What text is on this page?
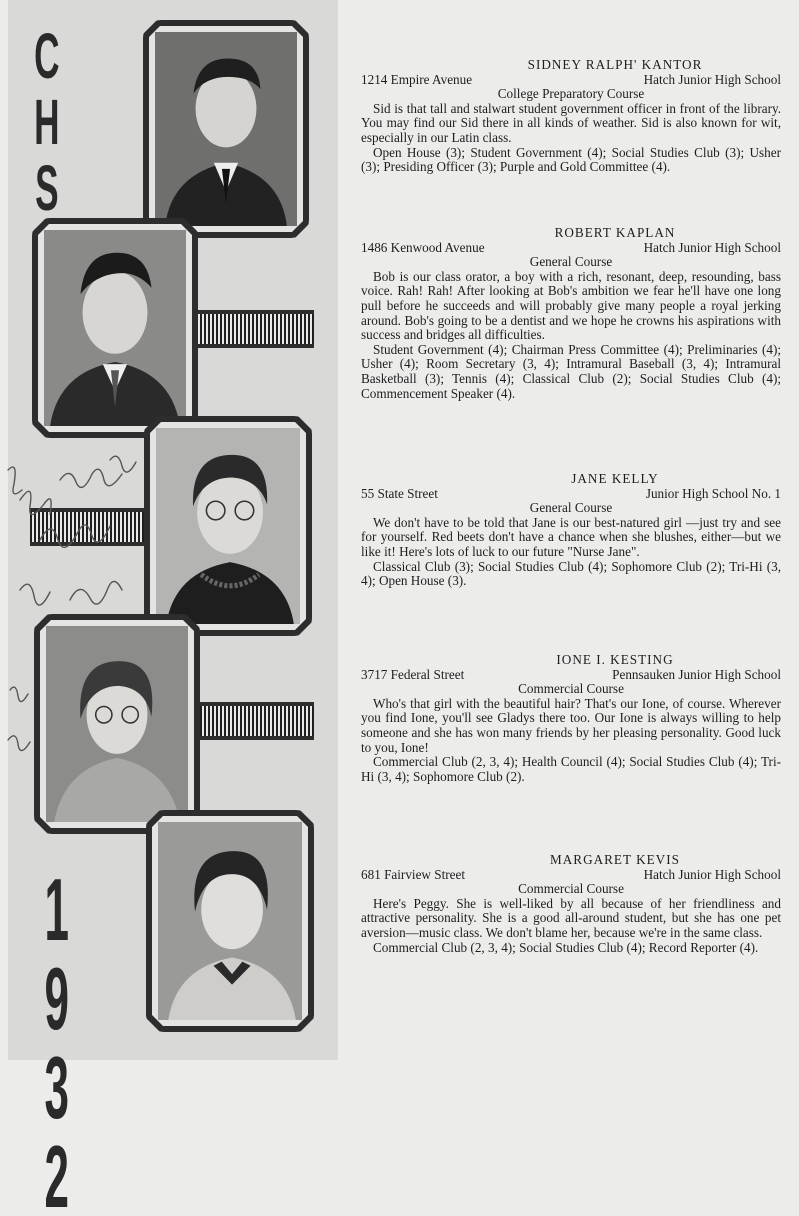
CHS
1932
SIDNEY RALPH' KANTOR
1214 Empire Avenue	Hatch Junior High School
College Preparatory Course

Sid is that tall and stalwart student government officer in front of the library. You may find our Sid there in all kinds of weather. Sid is also known for wit, especially in our Latin class.

Open House (3); Student Government (4); Social Studies Club (3); Usher (3); Presiding Officer (3); Purple and Gold Committee (4).

ROBERT KAPLAN
1486 Kenwood Avenue	Hatch Junior High School
General Course

Bob is our class orator, a boy with a rich, resonant, deep, resounding, bass voice. Rah! Rah! After looking at Bob's ambition we fear he'll have one long pull before he succeeds and will probably give many people a royal jerking around. Bob's going to be a dentist and we hope he crowns his aspirations with success and bridges all difficulties.

Student Government (4); Chairman Press Committee (4); Preliminaries (4); Usher (4); Room Secretary (3, 4); Intramural Baseball (3, 4); Intramural Basketball (3); Tennis (4); Classical Club (2); Social Studies Club (4); Commencement Speaker (4).

JANE KELLY
55 State Street	Junior High School No. 1
General Course

We don't have to be told that Jane is our best-natured girl —just try and see for yourself. Red beets don't have a chance when she blushes, either—but we like it! Here's lots of luck to our future "Nurse Jane".

Classical Club (3); Social Studies Club (4); Sophomore Club (2); Tri-Hi (3, 4); Open House (3).

IONE I. KESTING
3717 Federal Street	Pennsauken Junior High School
Commercial Course

Who's that girl with the beautiful hair? That's our Ione, of course. Wherever you find Ione, you'll see Gladys there too. Our Ione is always willing to help someone and she has won many friends by her pleasing personality. Good luck to you, Ione!

Commercial Club (2, 3, 4); Health Council (4); Social Studies Club (4); Tri-Hi (3, 4); Sophomore Club (2).

MARGARET KEVIS
681 Fairview Street	Hatch Junior High School
Commercial Course

Here's Peggy. She is well-liked by all because of her friendliness and attractive personality. She is a good all-around student, but she has one pet aversion—music class. We don't blame her, because we're in the same class.

Commercial Club (2, 3, 4); Social Studies Club (4); Record Reporter (4).
